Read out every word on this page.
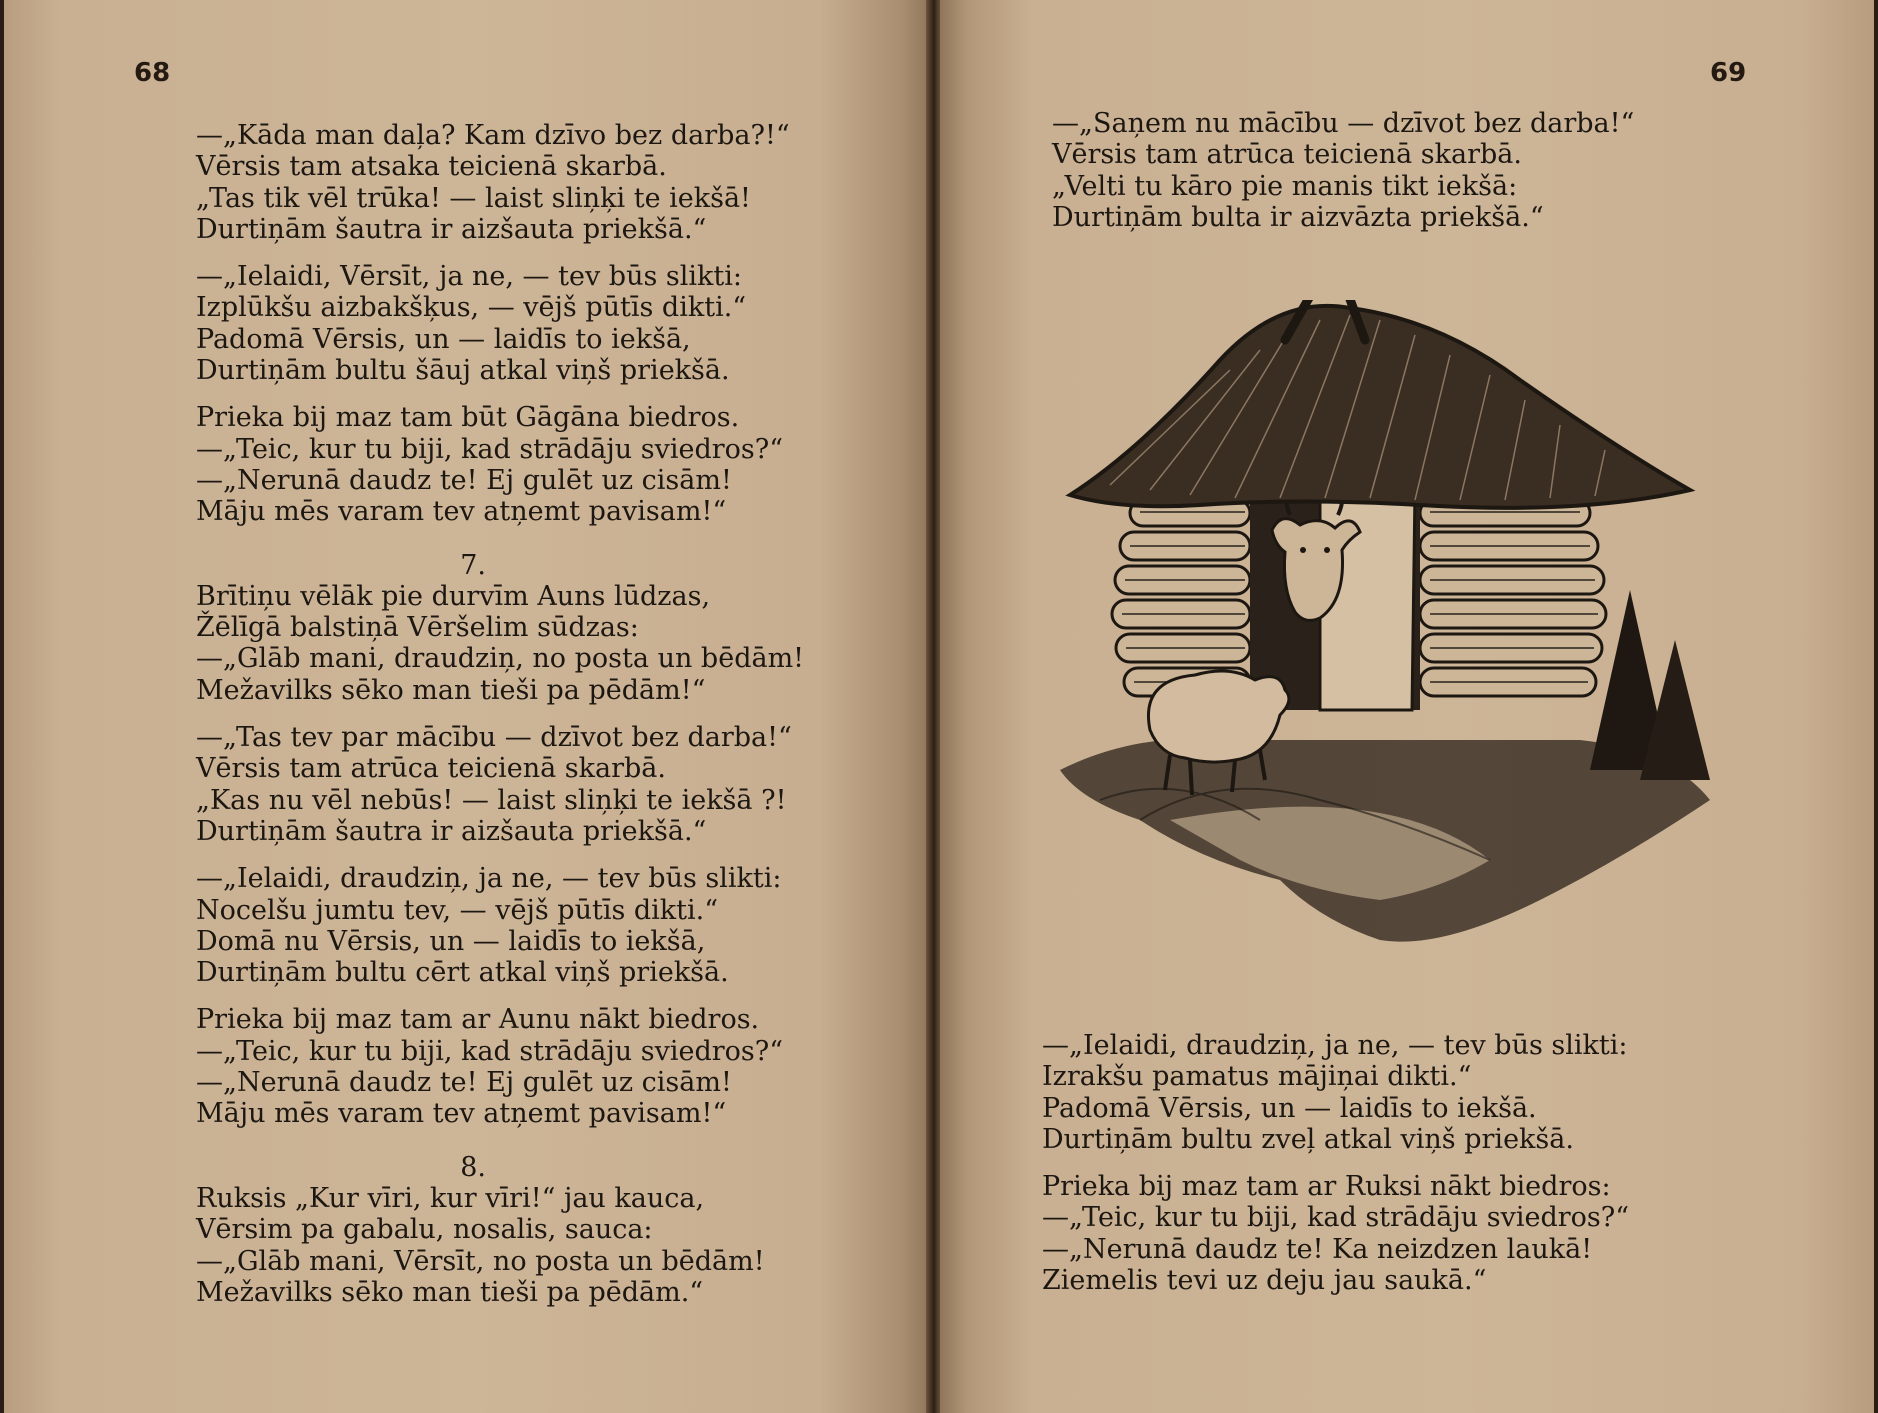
68
—„Kāda man daļa? Kam dzīvo bez darba?!“
Vērsis tam atsaka teicienā skarbā.
„Tas tik vēl trūka! — laist sliņķi te iekšā!
Durtiņām šautra ir aizšauta priekšā.“
—„Ielaidi, Vērsīt, ja ne, — tev būs slikti:
Izplūkšu aizbakšķus, — vējš pūtīs dikti.“
Padomā Vērsis, un — laidīs to iekšā,
Durtiņām bultu šāuj atkal viņš priekšā.
Prieka bij maz tam būt Gāgāna biedros.
—„Teic, kur tu biji, kad strādāju sviedros?“
—„Nerunā daudz te! Ej gulēt uz cisām!
Māju mēs varam tev atņemt pavisam!“
7.
Brītiņu vēlāk pie durvīm Auns lūdzas,
Žēlīgā balstiņā Vēršelim sūdzas:
—„Glāb mani, draudziņ, no posta un bēdām!
Mežavilks sēko man tieši pa pēdām!“
—„Tas tev par mācību — dzīvot bez darba!“
Vērsis tam atrūca teicienā skarbā.
„Kas nu vēl nebūs! — laist sliņķi te iekšā ?!
Durtiņām šautra ir aizšauta priekšā.“
—„Ielaidi, draudziņ, ja ne, — tev būs slikti:
Nocelšu jumtu tev, — vējš pūtīs dikti.“
Domā nu Vērsis, un — laidīs to iekšā,
Durtiņām bultu cērt atkal viņš priekšā.
Prieka bij maz tam ar Aunu nākt biedros.
—„Teic, kur tu biji, kad strādāju sviedros?“
—„Nerunā daudz te! Ej gulēt uz cisām!
Māju mēs varam tev atņemt pavisam!“
8.
Ruksis „Kur vīri, kur vīri!“ jau kauca,
Vērsim pa gabalu, nosalis, sauca:
—„Glāb mani, Vērsīt, no posta un bēdām!
Mežavilks sēko man tieši pa pēdām.“
69
—„Saņem nu mācību — dzīvot bez darba!“
Vērsis tam atrūca teicienā skarbā.
„Velti tu kāro pie manis tikt iekšā:
Durtiņām bulta ir aizvāzta priekšā.“
—„Ielaidi, draudziņ, ja ne, — tev būs slikti:
Izrakšu pamatus mājiņai dikti.“
Padomā Vērsis, un — laidīs to iekšā.
Durtiņām bultu zveļ atkal viņš priekšā.
Prieka bij maz tam ar Ruksi nākt biedros:
—„Teic, kur tu biji, kad strādāju sviedros?“
—„Nerunā daudz te! Ka neizdzen laukā!
Ziemelis tevi uz deju jau saukā.“
